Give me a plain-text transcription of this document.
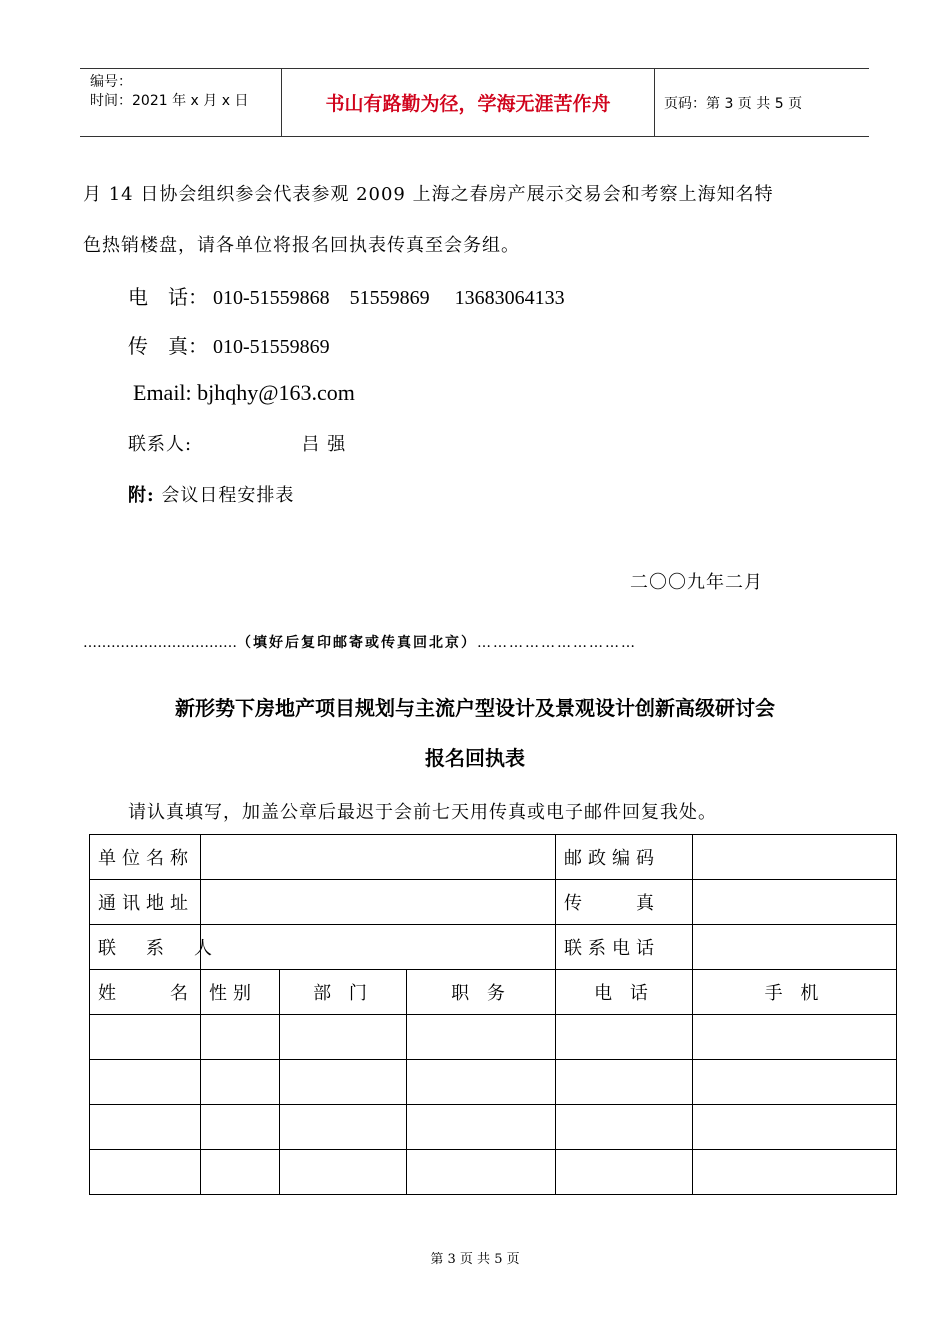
编号：
时间：2021 年 x 月 x 日	书山有路勤为径，学海无涯苦作舟	页码：第 3 页 共 5 页
月 14 日协会组织参会代表参观 2009 上海之春房产展示交易会和考察上海知名特
色热销楼盘，请各单位将报名回执表传真至会务组。
电　话： 010-51559868　51559869　 13683064133
传　真： 010-51559869
Email: bjhqhy@163.com
联系人:	吕 强
附: 会议日程安排表
二〇〇九年二月
……………………………（填好后复印邮寄或传真回北京）…………………………
新形势下房地产项目规划与主流户型设计及景观设计创新高级研讨会
报名回执表
请认真填写，加盖公章后最迟于会前七天用传真或电子邮件回复我处。
单位名称				邮政编码	
通讯地址				传　　真	
联　系　人				联系电话	
姓　　名	性别	部 门	职 务	电 话	手 机

第 3 页 共 5 页
